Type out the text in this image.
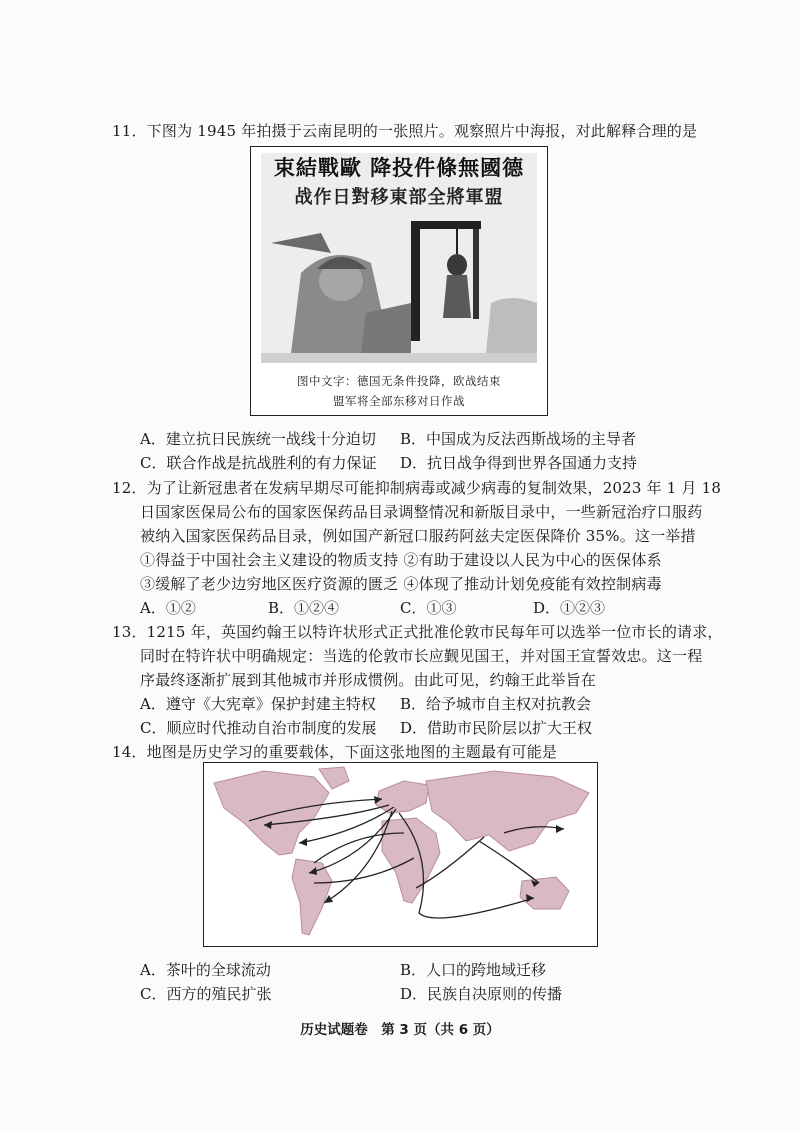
11．下图为 1945 年拍摄于云南昆明的一张照片。观察照片中海报，对此解释合理的是
束結戰歐 降投件條無國德
战作日對移東部全將軍盟
图中文字：德国无条件投降，欧战结束
盟军将全部东移对日作战
A．建立抗日民族统一战线十分迫切 B．中国成为反法西斯战场的主导者
C．联合作战是抗战胜利的有力保证 D．抗日战争得到世界各国通力支持
12．为了让新冠患者在发病早期尽可能抑制病毒或减少病毒的复制效果，2023 年 1 月 18
日国家医保局公布的国家医保药品目录调整情况和新版目录中，一些新冠治疗口服药
被纳入国家医保药品目录，例如国产新冠口服药阿兹夫定医保降价 35%。这一举措
①得益于中国社会主义建设的物质支持 ②有助于建设以人民为中心的医保体系
③缓解了老少边穷地区医疗资源的匮乏 ④体现了推动计划免疫能有效控制病毒
A．①②	B．①②④	C．①③	D．①②③
13．1215 年，英国约翰王以特许状形式正式批准伦敦市民每年可以选举一位市长的请求，
同时在特许状中明确规定：当选的伦敦市长应觐见国王，并对国王宣誓效忠。这一程
序最终逐渐扩展到其他城市并形成惯例。由此可见，约翰王此举旨在
A．遵守《大宪章》保护封建主特权 B．给予城市自主权对抗教会
C．顺应时代推动自治市制度的发展 D．借助市民阶层以扩大王权
14．地图是历史学习的重要载体，下面这张地图的主题最有可能是
A．茶叶的全球流动	B．人口的跨地域迁移
C．西方的殖民扩张	D．民族自决原则的传播
历史试题卷　第 3 页（共 6 页）
